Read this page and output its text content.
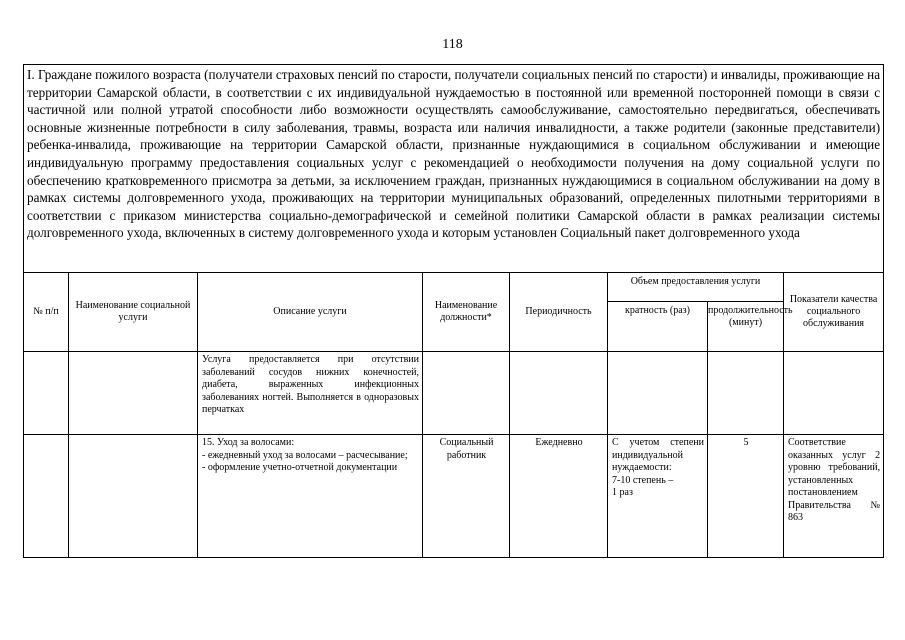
118
I. Граждане пожилого возраста (получатели страховых пенсий по старости, получатели социальных пенсий по старости) и инвалиды, проживающие на территории Самарской области, в соответствии с их индивидуальной нуждаемостью в постоянной или временной посторонней помощи в связи с частичной или полной утратой способности либо возможности осуществлять самообслуживание, самостоятельно передвигаться, обеспечивать основные жизненные потребности в силу заболевания, травмы, возраста или наличия инвалидности, а также родители (законные представители) ребенка-инвалида, проживающие на территории Самарской области, признанные нуждающимися в социальном обслуживании и имеющие индивидуальную программу предоставления социальных услуг с рекомендацией о необходимости получения на дому социальной услуги по обеспечению кратковременного присмотра за детьми, за исключением граждан, признанных нуждающимися в социальном обслуживании на дому в рамках системы долговременного ухода, проживающих на территории муниципальных образований, определенных пилотными территориями в соответствии с приказом министерства социально-демографической и семейной политики Самарской области в рамках реализации системы долговременного ухода, включенных в систему долговременного ухода и которым установлен Социальный пакет долговременного ухода							
№ п/п	Наименование социальной услуги	Описание услуги	Наименование должности*	Периодичность	Объем предоставления услуги		Показатели качества социального обслуживания
					кратность (раз)	продолжительность (минут)	
		Услуга предоставляется при отсутствии заболеваний сосудов нижних конечностей, диабета, выраженных инфекционных заболеваниях ногтей. Выполняется в одноразовых перчатках					

		15. Уход за волосами:
- ежедневный уход за волосами – расчесывание;
- оформление учетно-отчетной документации	Социальный работник	Ежедневно	С учетом степени индивидуальной нуждаемости:
7-10 степень –
1 раз	5	Соответствие оказанных услуг 2 уровню требований, установленных постановлением Правительства № 863
